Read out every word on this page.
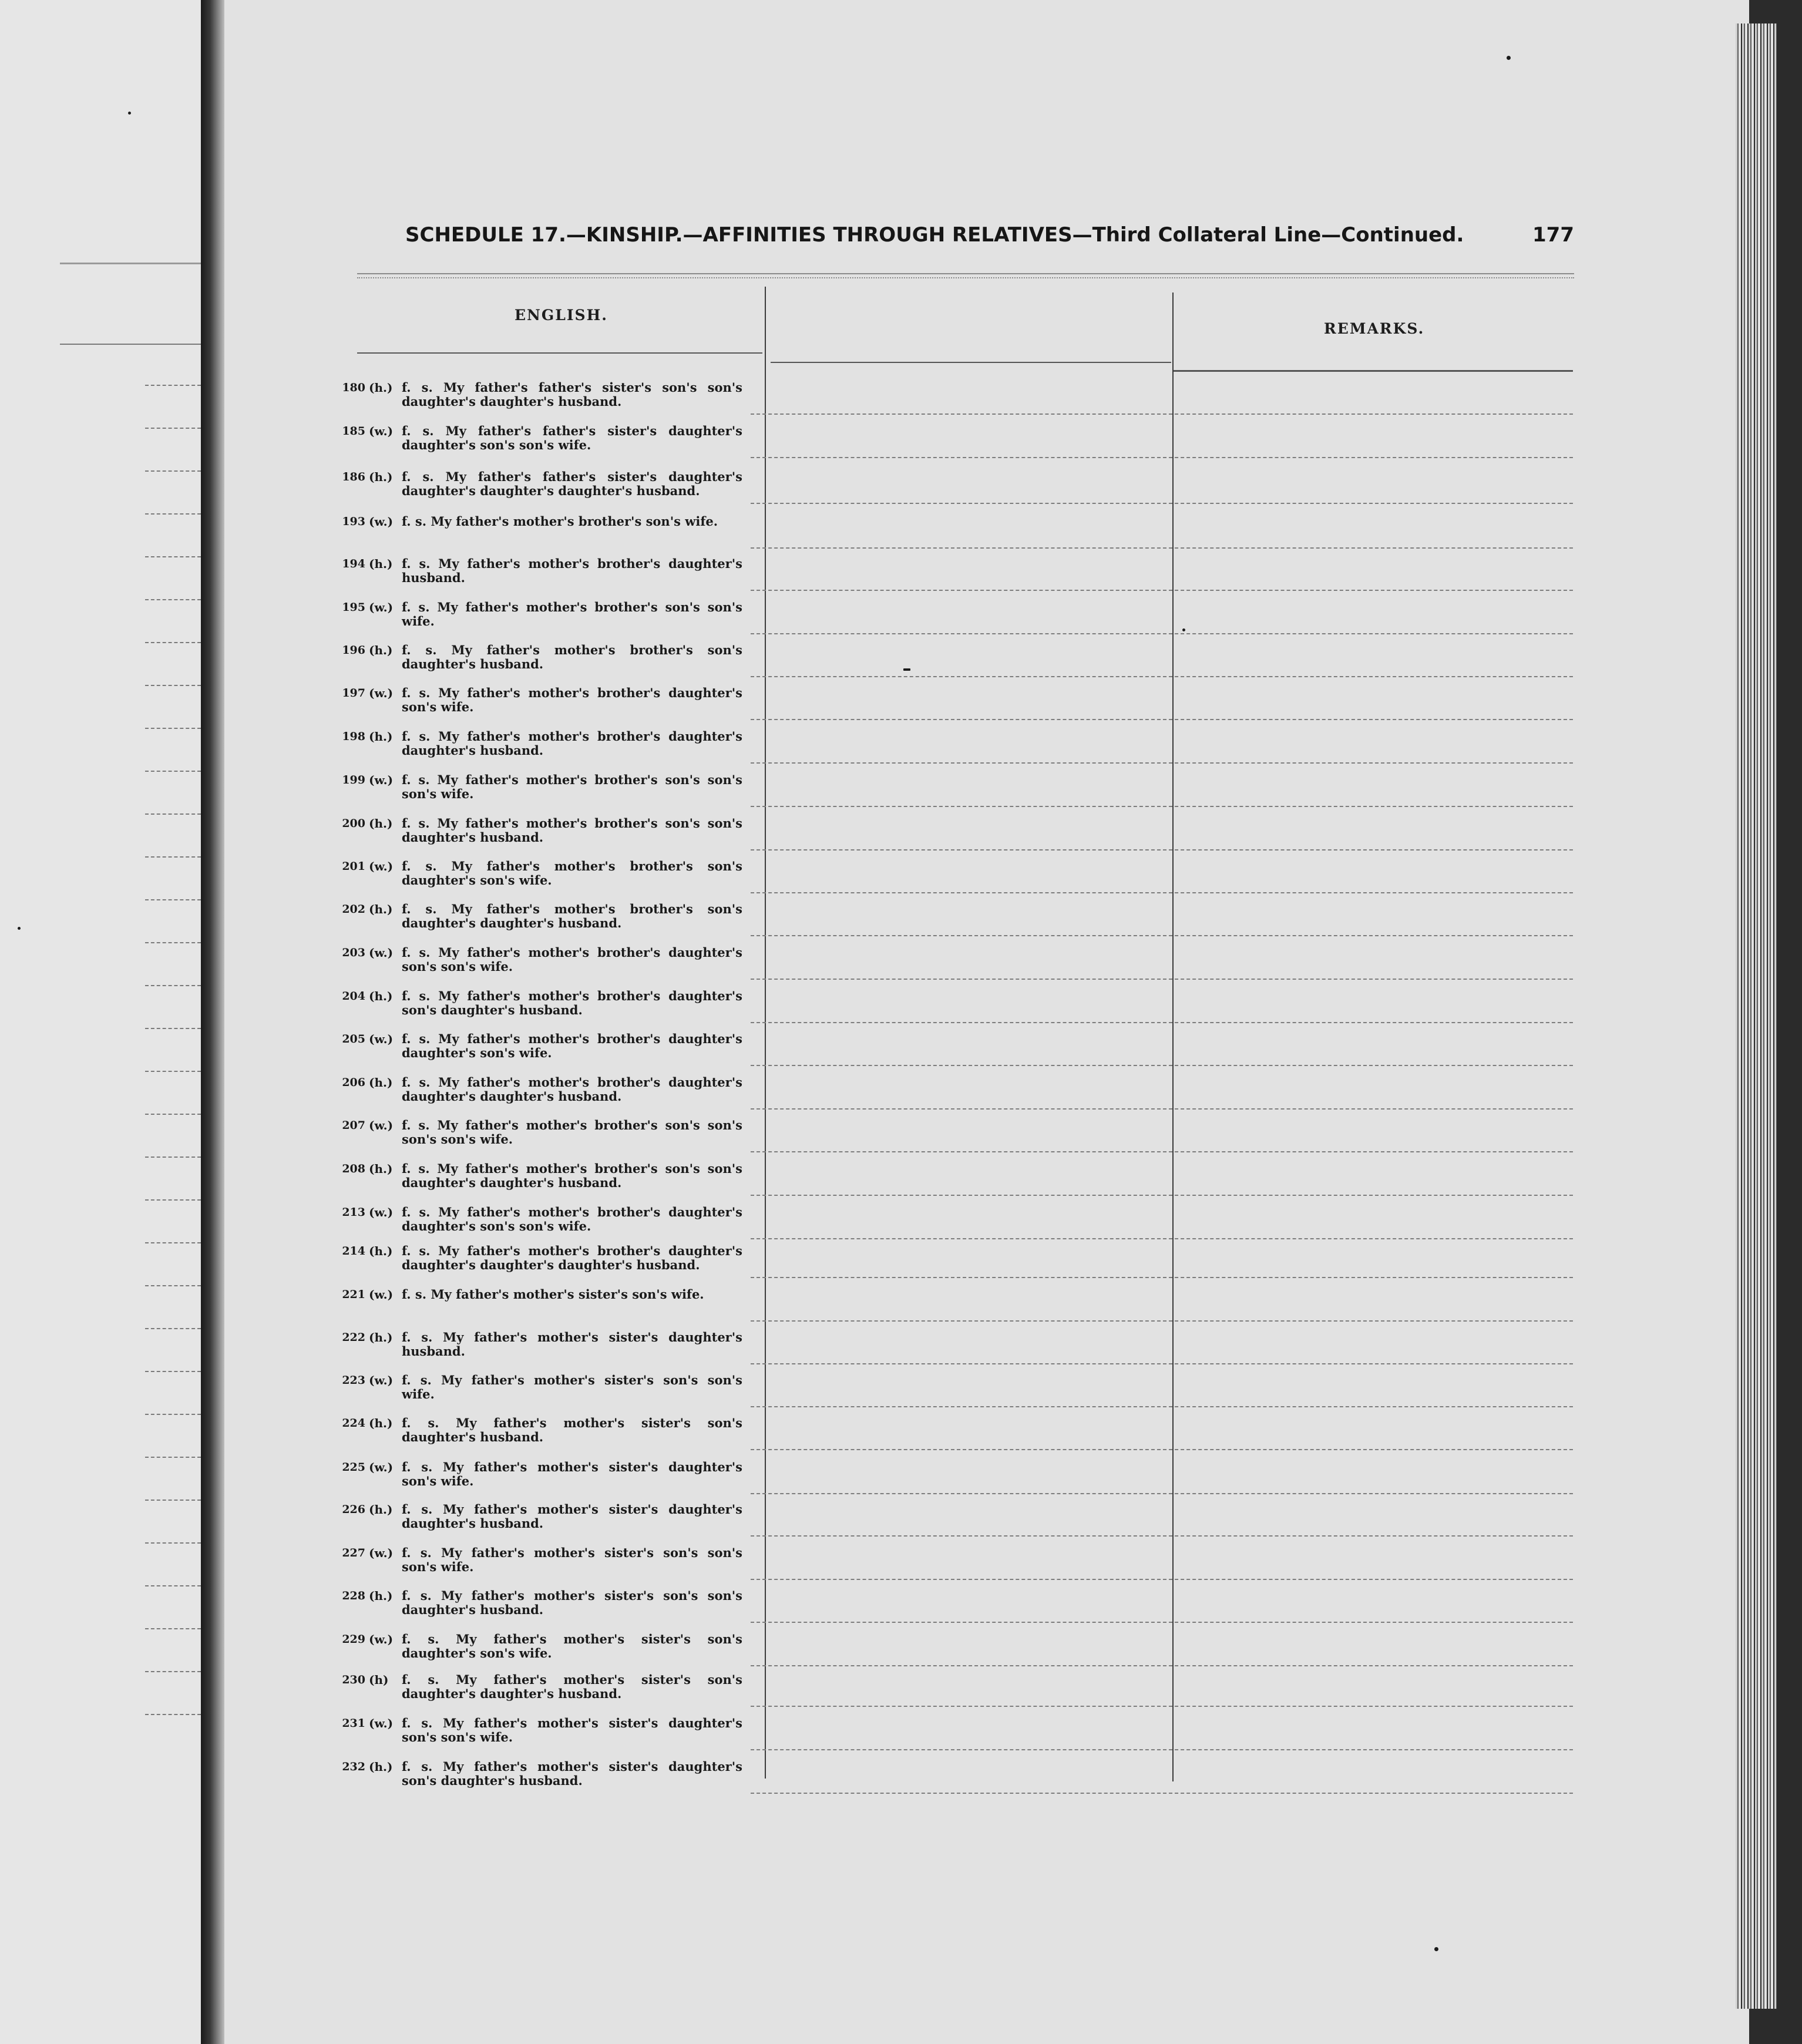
SCHEDULE 17.—KINSHIP.—AFFINITIES THROUGH RELATIVES—Third Collateral Line—Continued.	177
ENGLISH.
REMARKS.
180 (h.) f. s. My father's father's sister's son's son's daughter's daughter's husband.
185 (w.) f. s. My father's father's sister's daughter's daughter's son's son's wife.
186 (h.) f. s. My father's father's sister's daughter's daughter's daughter's daughter's husband.
193 (w.) f. s. My father's mother's brother's son's wife.
194 (h.) f. s. My father's mother's brother's daughter's husband.
195 (w.) f. s. My father's mother's brother's son's son's wife.
196 (h.) f. s. My father's mother's brother's son's daughter's husband.
197 (w.) f. s. My father's mother's brother's daughter's son's wife.
198 (h.) f. s. My father's mother's brother's daughter's daughter's husband.
199 (w.) f. s. My father's mother's brother's son's son's son's wife.
200 (h.) f. s. My father's mother's brother's son's son's daughter's husband.
201 (w.) f. s. My father's mother's brother's son's daughter's son's wife.
202 (h.) f. s. My father's mother's brother's son's daughter's daughter's husband.
203 (w.) f. s. My father's mother's brother's daughter's son's son's wife.
204 (h.) f. s. My father's mother's brother's daughter's son's daughter's husband.
205 (w.) f. s. My father's mother's brother's daughter's daughter's son's wife.
206 (h.) f. s. My father's mother's brother's daughter's daughter's daughter's husband.
207 (w.) f. s. My father's mother's brother's son's son's son's son's wife.
208 (h.) f. s. My father's mother's brother's son's son's daughter's daughter's husband.
213 (w.) f. s. My father's mother's brother's daughter's daughter's son's son's wife.
214 (h.) f. s. My father's mother's brother's daughter's daughter's daughter's daughter's husband.
221 (w.) f. s. My father's mother's sister's son's wife.
222 (h.) f. s. My father's mother's sister's daughter's husband.
223 (w.) f. s. My father's mother's sister's son's son's wife.
224 (h.) f. s. My father's mother's sister's son's daughter's husband.
225 (w.) f. s. My father's mother's sister's daughter's son's wife.
226 (h.) f. s. My father's mother's sister's daughter's daughter's husband.
227 (w.) f. s. My father's mother's sister's son's son's son's wife.
228 (h.) f. s. My father's mother's sister's son's son's daughter's husband.
229 (w.) f. s. My father's mother's sister's son's daughter's son's wife.
230 (h) f. s. My father's mother's sister's son's daughter's daughter's husband.
231 (w.) f. s. My father's mother's sister's daughter's son's son's wife.
232 (h.) f. s. My father's mother's sister's daughter's son's daughter's husband.
